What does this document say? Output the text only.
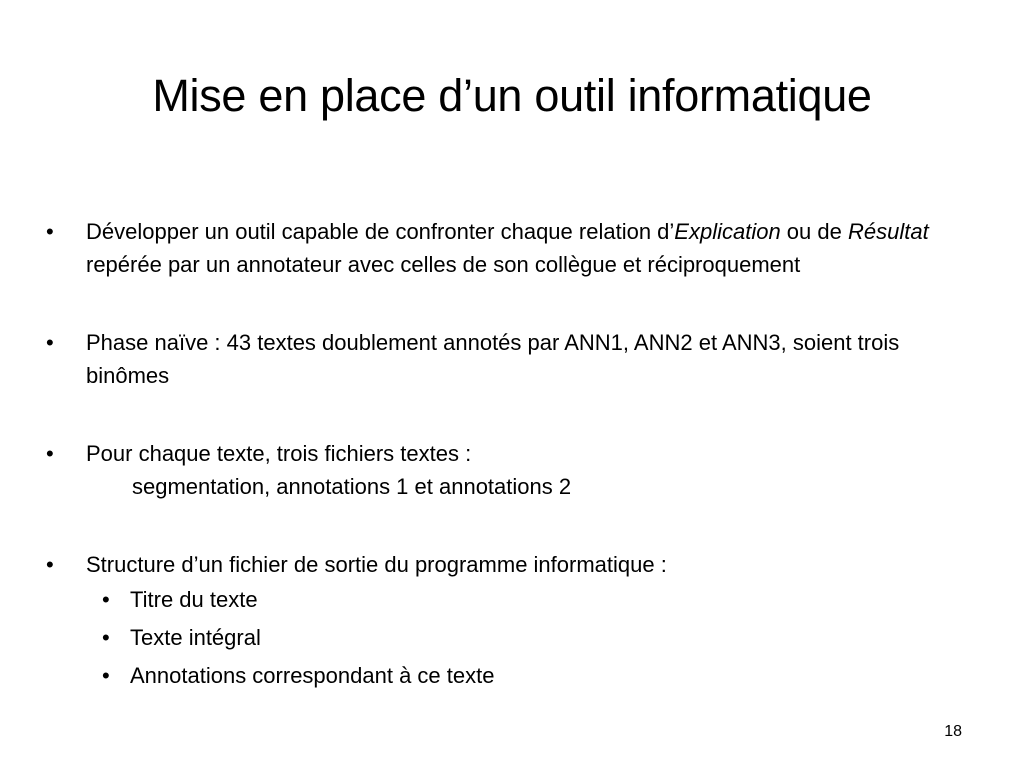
Mise en place d’un outil informatique
• Développer un outil capable de confronter chaque relation d’Explication ou de Résultat repérée par un annotateur avec celles de son collègue et réciproquement
• Phase naïve : 43 textes doublement annotés par ANN1, ANN2 et ANN3, soient trois binômes
• Pour chaque texte, trois fichiers textes :
segmentation, annotations 1 et annotations 2
• Structure d’un fichier de sortie du programme informatique :
• Titre du texte
• Texte intégral
• Annotations correspondant à ce texte
18
